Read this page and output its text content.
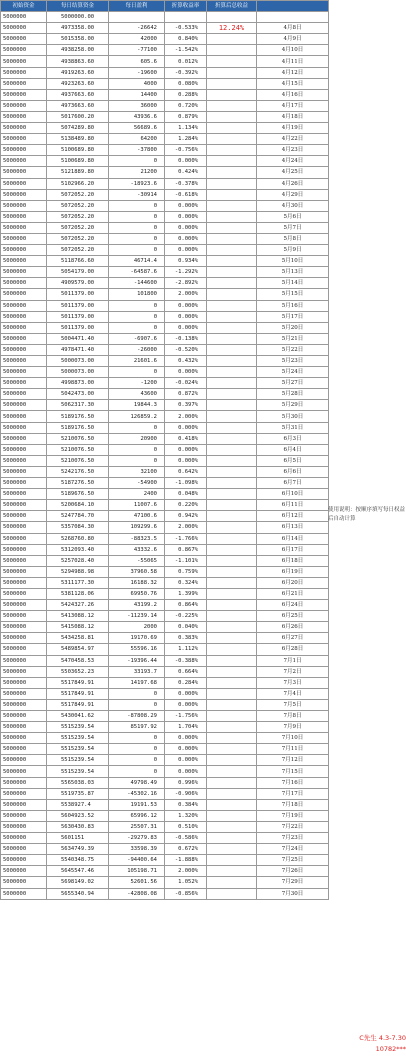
初始资金	每日结算资金	每日盈利	折算收益率	折算后总收益	
5000000	5000000.00				
5000000	4973358.00	-26642	-0.533%	12.24%	4月8日
5000000	5015358.00	42000	0.840%		4月9日
5000000	4938258.00	-77100	-1.542%		4月10日
5000000	4938863.60	605.6	0.012%		4月11日
5000000	4919263.60	-19600	-0.392%		4月12日
5000000	4923263.60	4000	0.080%		4月15日
5000000	4937663.60	14400	0.288%		4月16日
5000000	4973663.60	36000	0.720%		4月17日
5000000	5017600.20	43936.6	0.879%		4月18日
5000000	5074289.80	56689.6	1.134%		4月19日
5000000	5138489.80	64200	1.284%		4月22日
5000000	5100689.80	-37800	-0.756%		4月23日
5000000	5100689.80	0	0.000%		4月24日
5000000	5121889.80	21200	0.424%		4月25日
5000000	5102966.20	-18923.6	-0.378%		4月26日
5000000	5072052.20	-30914	-0.618%		4月29日
5000000	5072052.20	0	0.000%		4月30日
5000000	5072052.20	0	0.000%		5月6日
5000000	5072052.20	0	0.000%		5月7日
5000000	5072052.20	0	0.000%		5月8日
5000000	5072052.20	0	0.000%		5月9日
5000000	5118766.60	46714.4	0.934%		5月10日
5000000	5054179.00	-64587.6	-1.292%		5月13日
5000000	4909579.00	-144600	-2.892%		5月14日
5000000	5011379.00	101800	2.000%		5月15日
5000000	5011379.00	0	0.000%		5月16日
5000000	5011379.00	0	0.000%		5月17日
5000000	5011379.00	0	0.000%		5月20日
5000000	5004471.40	-6907.6	-0.138%		5月21日
5000000	4978471.40	-26000	-0.520%		5月22日
5000000	5000073.00	21601.6	0.432%		5月23日
5000000	5000073.00	0	0.000%		5月24日
5000000	4998873.00	-1200	-0.024%		5月27日
5000000	5042473.00	43600	0.872%		5月28日
5000000	5062317.30	19844.3	0.397%		5月29日
5000000	5189176.50	126859.2	2.000%		5月30日
5000000	5189176.50	0	0.000%		5月31日
5000000	5210076.50	20900	0.418%		6月3日
5000000	5210076.50	0	0.000%		6月4日
5000000	5210076.50	0	0.000%		6月5日
5000000	5242176.50	32100	0.642%		6月6日
5000000	5187276.50	-54900	-1.098%		6月7日
5000000	5189676.50	2400	0.048%		6月10日
5000000	5200684.10	11007.6	0.220%		6月11日
5000000	5247784.70	47100.6	0.942%		6月12日
5000000	5357084.30	109299.6	2.000%		6月13日
5000000	5268760.80	-88323.5	-1.766%		6月14日
5000000	5312093.40	43332.6	0.867%		6月17日
5000000	5257028.40	-55065	-1.101%		6月18日
5000000	5294988.98	37960.58	0.759%		6月19日
5000000	5311177.30	16188.32	0.324%		6月20日
5000000	5381128.06	69950.76	1.399%		6月21日
5000000	5424327.26	43199.2	0.864%		6月24日
5000000	5413088.12	-11239.14	-0.225%		6月25日
5000000	5415088.12	2000	0.040%		6月26日
5000000	5434258.81	19170.69	0.383%		6月27日
5000000	5489854.97	55596.16	1.112%		6月28日
5000000	5470458.53	-19396.44	-0.388%		7月1日
5000000	5503652.23	33193.7	0.664%		7月2日
5000000	5517849.91	14197.68	0.284%		7月3日
5000000	5517849.91	0	0.000%		7月4日
5000000	5517849.91	0	0.000%		7月5日
5000000	5430041.62	-87808.29	-1.756%		7月8日
5000000	5515239.54	85197.92	1.704%		7月9日
5000000	5515239.54	0	0.000%		7月10日
5000000	5515239.54	0	0.000%		7月11日
5000000	5515239.54	0	0.000%		7月12日
5000000	5515239.54	0	0.000%		7月15日
5000000	5565038.03	49798.49	0.996%		7月16日
5000000	5519735.87	-45302.16	-0.906%		7月17日
5000000	5538927.4	19191.53	0.384%		7月18日
5000000	5604923.52	65996.12	1.320%		7月19日
5000000	5630430.83	25507.31	0.510%		7月22日
5000000	5601151	-29279.83	-0.586%		7月23日
5000000	5634749.39	33598.39	0.672%		7月24日
5000000	5540348.75	-94400.64	-1.888%		7月25日
5000000	5645547.46	105198.71	2.000%		7月26日
5000000	5698149.02	52601.56	1.052%		7月29日
5000000	5655340.94	-42808.08	-0.856%		7月30日
使用说明：按顺序填写每日权益后自动计算
C先生 4.3-7.30
10782***
